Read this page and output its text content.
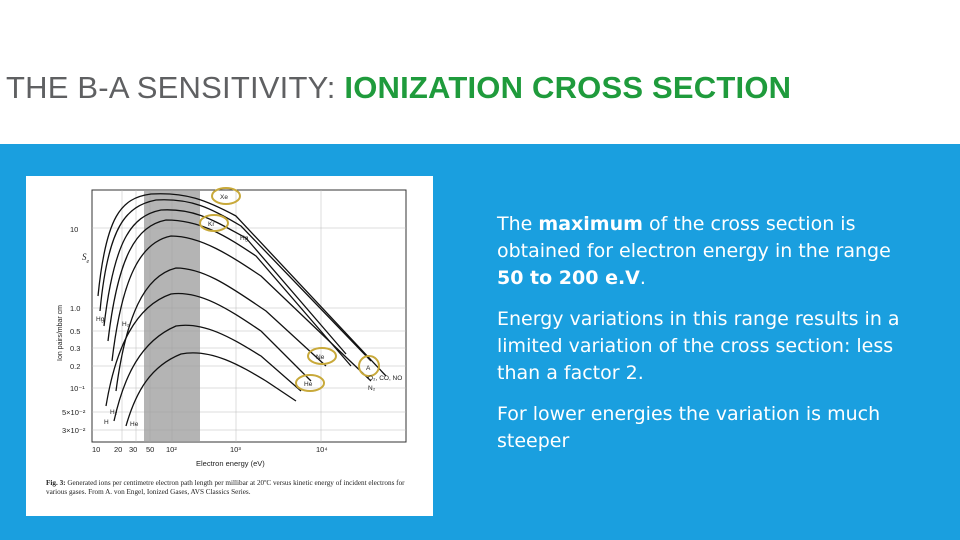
THE B-A SENSITIVITY: IONIZATION CROSS SECTION
10
1.0
0.5
0.3
0.2
10⁻¹
5×10⁻²
3×10⁻²
10 20 30 50 10²	10³	10⁴
Electron energy (eV)
Ion pairs/mbar cm
$S_e$
Xe
Kr
Hg
H₂
Ne
He
A
O₂, CO, NO
N₂
Hg
H₂
H	He
Fig. 3: Generated ions per centimetre electron path length per millibar at 20ºC versus kinetic energy of incident electrons for various gases. From A. von Engel, Ionized Gases, AVS Classics Series.

The maximum of the cross section is obtained for electron energy in the range 50 to 200 e.V.

Energy variations in this range results in a limited variation of the cross section: less than a factor 2.

For lower energies the variation is much steeper
